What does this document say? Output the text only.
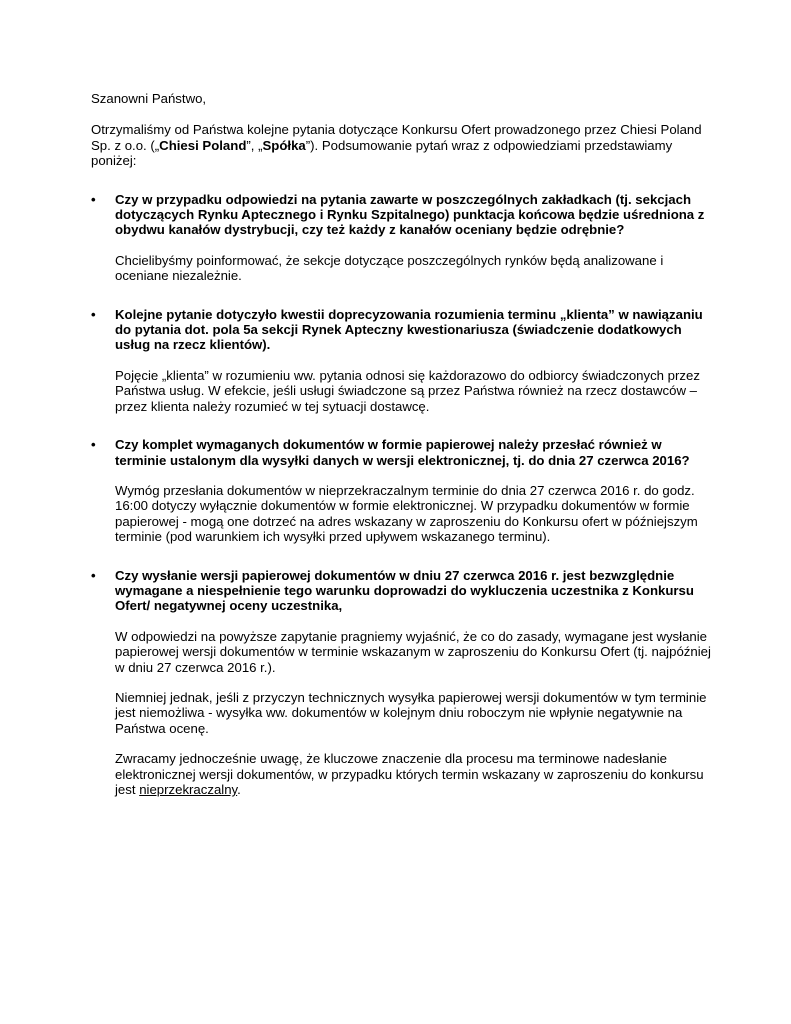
Szanowni Państwo,

Otrzymaliśmy od Państwa kolejne pytania dotyczące Konkursu Ofert prowadzonego przez Chiesi Poland Sp. z o.o. („Chiesi Poland”, „Spółka”). Podsumowanie pytań wraz z odpowiedziami przedstawiamy poniżej:

• Czy w przypadku odpowiedzi na pytania zawarte w poszczególnych zakładkach (tj. sekcjach dotyczących Rynku Aptecznego i Rynku Szpitalnego) punktacja końcowa będzie uśredniona z obydwu kanałów dystrybucji, czy też każdy z kanałów oceniany będzie odrębnie?

Chcielibyśmy poinformować, że sekcje dotyczące poszczególnych rynków będą analizowane i oceniane niezależnie.

• Kolejne pytanie dotyczyło kwestii doprecyzowania rozumienia terminu „klienta” w nawiązaniu do pytania dot. pola 5a sekcji Rynek Apteczny kwestionariusza (świadczenie dodatkowych usług na rzecz klientów).

Pojęcie „klienta” w rozumieniu ww. pytania odnosi się każdorazowo do odbiorcy świadczonych przez Państwa usług. W efekcie, jeśli usługi świadczone są przez Państwa również na rzecz dostawców – przez klienta należy rozumieć w tej sytuacji dostawcę.

• Czy komplet wymaganych dokumentów w formie papierowej należy przesłać również w terminie ustalonym dla wysyłki danych w wersji elektronicznej, tj. do dnia 27 czerwca 2016?

Wymóg przesłania dokumentów w nieprzekraczalnym terminie do dnia 27 czerwca 2016 r. do godz. 16:00 dotyczy wyłącznie dokumentów w formie elektronicznej. W przypadku dokumentów w formie papierowej - mogą one dotrzeć na adres wskazany w zaproszeniu do Konkursu ofert w późniejszym terminie (pod warunkiem ich wysyłki przed upływem wskazanego terminu).

• Czy wysłanie wersji papierowej dokumentów w dniu 27 czerwca 2016 r. jest bezwzględnie wymagane a niespełnienie tego warunku doprowadzi do wykluczenia uczestnika z Konkursu Ofert/ negatywnej oceny uczestnika,

W odpowiedzi na powyższe zapytanie pragniemy wyjaśnić, że co do zasady, wymagane jest wysłanie papierowej wersji dokumentów w terminie wskazanym w zaproszeniu do Konkursu Ofert (tj. najpóźniej w dniu 27 czerwca 2016 r.).

Niemniej jednak, jeśli z przyczyn technicznych wysyłka papierowej wersji dokumentów w tym terminie jest niemożliwa - wysyłka ww. dokumentów w kolejnym dniu roboczym nie wpłynie negatywnie na Państwa ocenę.

Zwracamy jednocześnie uwagę, że kluczowe znaczenie dla procesu ma terminowe nadesłanie elektronicznej wersji dokumentów, w przypadku których termin wskazany w zaproszeniu do konkursu jest nieprzekraczalny.
